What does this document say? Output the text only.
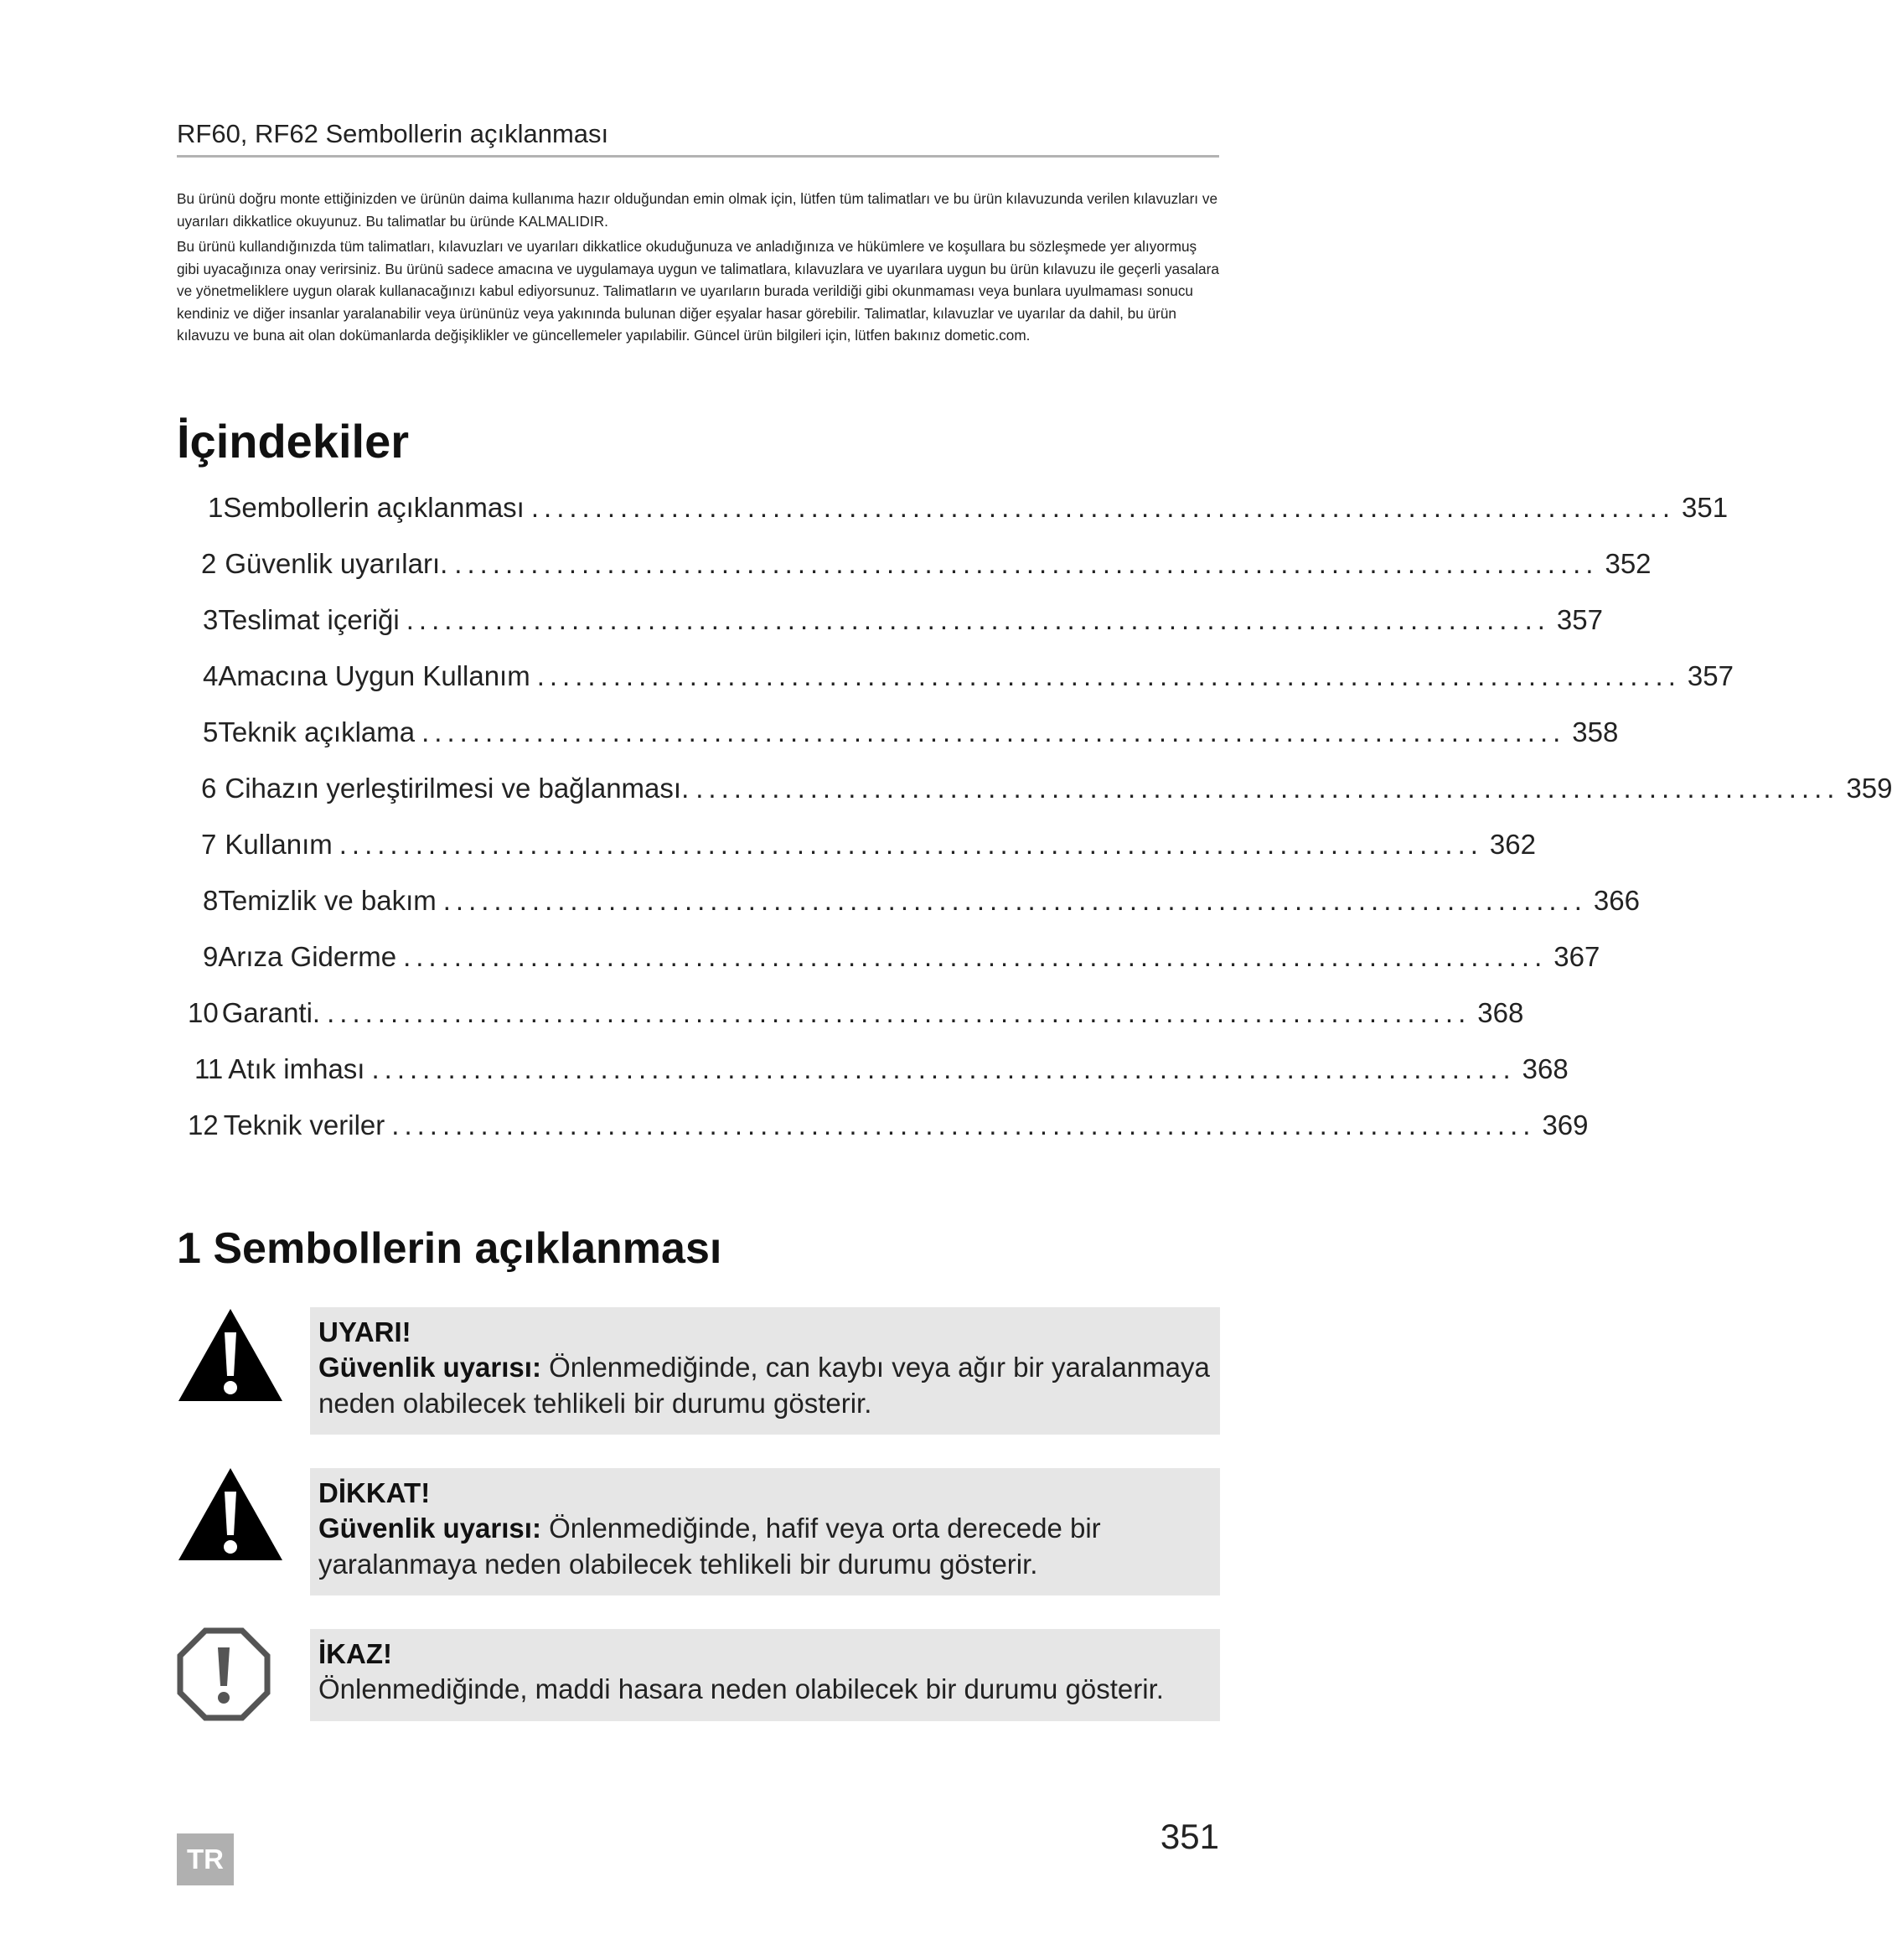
RF60, RF62 Sembollerin açıklanması

Bu ürünü doğru monte ettiğinizden ve ürünün daima kullanıma hazır olduğundan emin olmak için, lütfen tüm talimatları ve bu ürün kılavuzunda verilen kılavuzları ve uyarıları dikkatlice okuyunuz. Bu talimatlar bu üründe KALMALIDIR.

Bu ürünü kullandığınızda tüm talimatları, kılavuzları ve uyarıları dikkatlice okuduğunuza ve anladığınıza ve hükümlere ve koşullara bu sözleşmede yer alıyormuş gibi uyacağınıza onay verirsiniz. Bu ürünü sadece amacına ve uygulamaya uygun ve talimatlara, kılavuzlara ve uyarılara uygun bu ürün kılavuzu ile geçerli yasalara ve yönetmeliklere uygun olarak kullanacağınızı kabul ediyorsunuz. Talimatların ve uyarıların burada verildiği gibi okunmaması veya bunlara uyulmaması sonucu kendiniz ve diğer insanlar yaralanabilir veya ürününüz veya yakınında bulunan diğer eşyalar hasar görebilir. Talimatlar, kılavuzlar ve uyarılar da dahil, bu ürün kılavuzu ve buna ait olan dokümanlarda değişiklikler ve güncellemeler yapılabilir. Güncel ürün bilgileri için, lütfen bakınız dometic.com.

İçindekiler
1 Sembollerin açıklanması .......................................................................................... 351
2 Güvenlik uyarıları. .......................................................................................... 352
3 Teslimat içeriği .......................................................................................... 357
4 Amacına Uygun Kullanım .......................................................................................... 357
5 Teknik açıklama .......................................................................................... 358
6 Cihazın yerleştirilmesi ve bağlanması. .......................................................................................... 359
7 Kullanım .......................................................................................... 362
8 Temizlik ve bakım .......................................................................................... 366
9 Arıza Giderme .......................................................................................... 367
10 Garanti. .......................................................................................... 368
11 Atık imhası .......................................................................................... 368
12 Teknik veriler .......................................................................................... 369
1 Sembollerin açıklanması
UYARI!
Güvenlik uyarısı: Önlenmediğinde, can kaybı veya ağır bir yaralanmaya neden olabilecek tehlikeli bir durumu gösterir.
DİKKAT!
Güvenlik uyarısı: Önlenmediğinde, hafif veya orta derecede bir yaralanmaya neden olabilecek tehlikeli bir durumu gösterir.
İKAZ!
Önlenmediğinde, maddi hasara neden olabilecek bir durumu gösterir.
TR
351
